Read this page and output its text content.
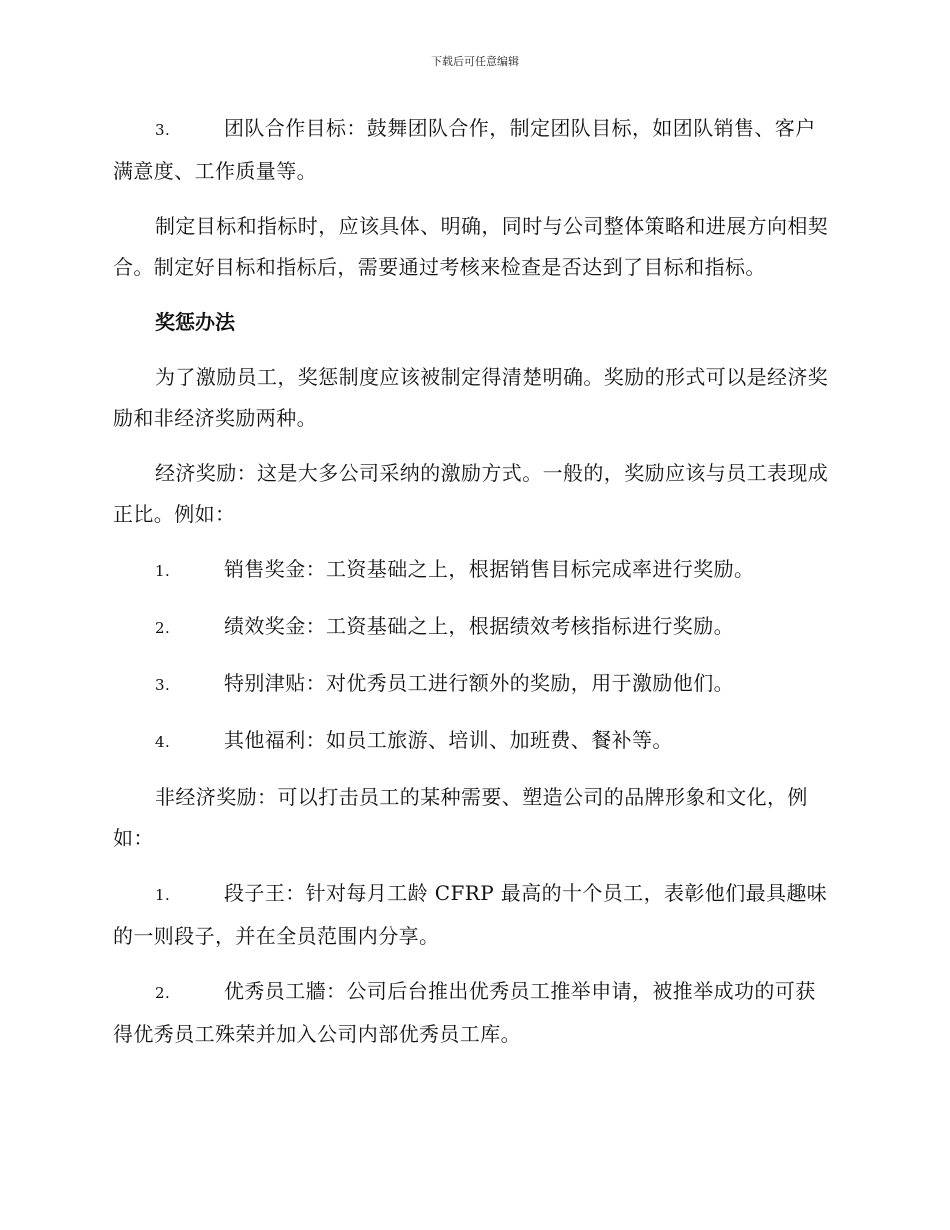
下载后可任意编辑
3.	团队合作目标：鼓舞团队合作，制定团队目标，如团队销售、客户满意度、工作质量等。

制定目标和指标时，应该具体、明确，同时与公司整体策略和进展方向相契合。制定好目标和指标后，需要通过考核来检查是否达到了目标和指标。

奖惩办法

为了激励员工，奖惩制度应该被制定得清楚明确。奖励的形式可以是经济奖励和非经济奖励两种。

经济奖励：这是大多公司采纳的激励方式。一般的，奖励应该与员工表现成正比。例如：

1.	销售奖金：工资基础之上，根据销售目标完成率进行奖励。
2.	绩效奖金：工资基础之上，根据绩效考核指标进行奖励。
3.	特别津贴：对优秀员工进行额外的奖励，用于激励他们。
4.	其他福利：如员工旅游、培训、加班费、餐补等。

非经济奖励：可以打击员工的某种需要、塑造公司的品牌形象和文化，例如：

1.	段子王：针对每月工龄 CFRP 最高的十个员工，表彰他们最具趣味的一则段子，并在全员范围内分享。
2.	优秀员工牆：公司后台推出优秀员工推举申请，被推举成功的可获得优秀员工殊荣并加入公司内部优秀员工库。
